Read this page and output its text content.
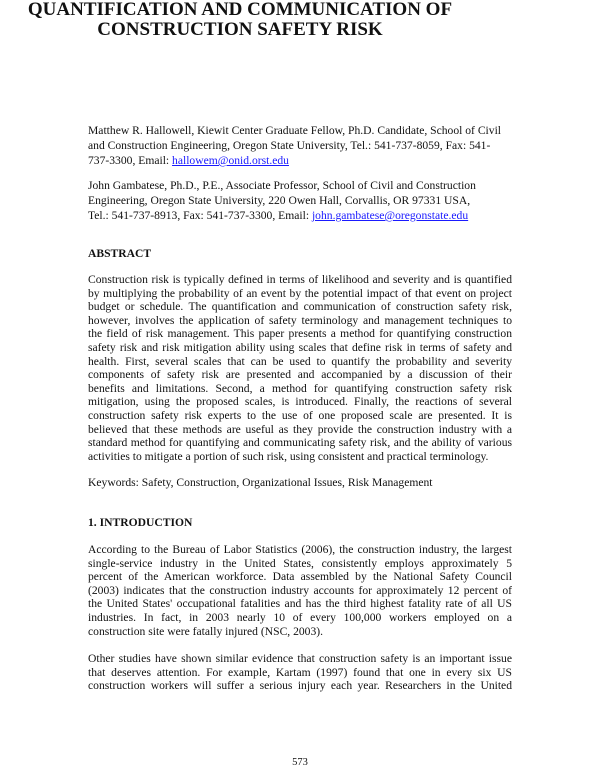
QUANTIFICATION AND COMMUNICATION OF
CONSTRUCTION SAFETY RISK
Matthew R. Hallowell, Kiewit Center Graduate Fellow, Ph.D. Candidate, School of Civil
and Construction Engineering, Oregon State University, Tel.: 541-737-8059, Fax: 541-
737-3300, Email: hallowem@onid.orst.edu
John Gambatese, Ph.D., P.E., Associate Professor, School of Civil and Construction
Engineering, Oregon State University, 220 Owen Hall, Corvallis, OR 97331 USA,
Tel.: 541-737-8913, Fax: 541-737-3300, Email: john.gambatese@oregonstate.edu
ABSTRACT
Construction risk is typically defined in terms of likelihood and severity and is quantified
by multiplying the probability of an event by the potential impact of that event on project
budget or schedule. The quantification and communication of construction safety risk,
however, involves the application of safety terminology and management techniques to
the field of risk management. This paper presents a method for quantifying construction
safety risk and risk mitigation ability using scales that define risk in terms of safety and
health. First, several scales that can be used to quantify the probability and severity
components of safety risk are presented and accompanied by a discussion of their
benefits and limitations. Second, a method for quantifying construction safety risk
mitigation, using the proposed scales, is introduced. Finally, the reactions of several
construction safety risk experts to the use of one proposed scale are presented. It is
believed that these methods are useful as they provide the construction industry with a
standard method for quantifying and communicating safety risk, and the ability of various
activities to mitigate a portion of such risk, using consistent and practical terminology.
Keywords: Safety, Construction, Organizational Issues, Risk Management
1. INTRODUCTION
According to the Bureau of Labor Statistics (2006), the construction industry, the largest
single-service industry in the United States, consistently employs approximately 5
percent of the American workforce. Data assembled by the National Safety Council
(2003) indicates that the construction industry accounts for approximately 12 percent of
the United States' occupational fatalities and has the third highest fatality rate of all US
industries. In fact, in 2003 nearly 10 of every 100,000 workers employed on a
construction site were fatally injured (NSC, 2003).
Other studies have shown similar evidence that construction safety is an important issue
that deserves attention. For example, Kartam (1997) found that one in every six US
construction workers will suffer a serious injury each year. Researchers in the United
573
